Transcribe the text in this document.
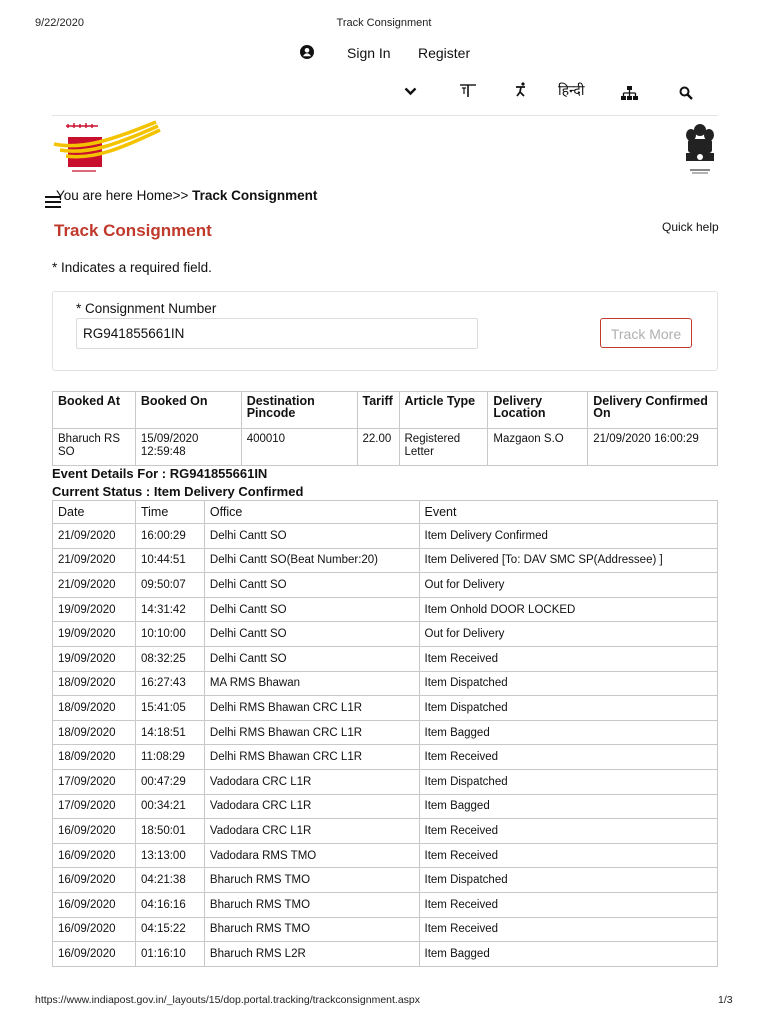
9/22/2020	Track Consignment
Sign In Register
हिन्दी
You are here Home>> Track Consignment
Track Consignment	Quick help
* Indicates a required field.
* Consignment Number
RG941855661IN	Track More
Booked At	Booked On	Destination Pincode	Tariff	Article Type	Delivery Location	Delivery Confirmed On
Bharuch RS SO	15/09/2020 12:59:48	400010	22.00	Registered Letter	Mazgaon S.O	21/09/2020 16:00:29
Event Details For : RG941855661IN
Current Status : Item Delivery Confirmed
Date	Time	Office	Event
21/09/2020	16:00:29	Delhi Cantt SO	Item Delivery Confirmed
21/09/2020	10:44:51	Delhi Cantt SO(Beat Number:20)	Item Delivered [To: DAV SMC SP(Addressee) ]
21/09/2020	09:50:07	Delhi Cantt SO	Out for Delivery
19/09/2020	14:31:42	Delhi Cantt SO	Item Onhold DOOR LOCKED
19/09/2020	10:10:00	Delhi Cantt SO	Out for Delivery
19/09/2020	08:32:25	Delhi Cantt SO	Item Received
18/09/2020	16:27:43	MA RMS Bhawan	Item Dispatched
18/09/2020	15:41:05	Delhi RMS Bhawan CRC L1R	Item Dispatched
18/09/2020	14:18:51	Delhi RMS Bhawan CRC L1R	Item Bagged
18/09/2020	11:08:29	Delhi RMS Bhawan CRC L1R	Item Received
17/09/2020	00:47:29	Vadodara CRC L1R	Item Dispatched
17/09/2020	00:34:21	Vadodara CRC L1R	Item Bagged
16/09/2020	18:50:01	Vadodara CRC L1R	Item Received
16/09/2020	13:13:00	Vadodara RMS TMO	Item Received
16/09/2020	04:21:38	Bharuch RMS TMO	Item Dispatched
16/09/2020	04:16:16	Bharuch RMS TMO	Item Received
16/09/2020	04:15:22	Bharuch RMS TMO	Item Received
16/09/2020	01:16:10	Bharuch RMS L2R	Item Bagged
https://www.indiapost.gov.in/_layouts/15/dop.portal.tracking/trackconsignment.aspx	1/3
